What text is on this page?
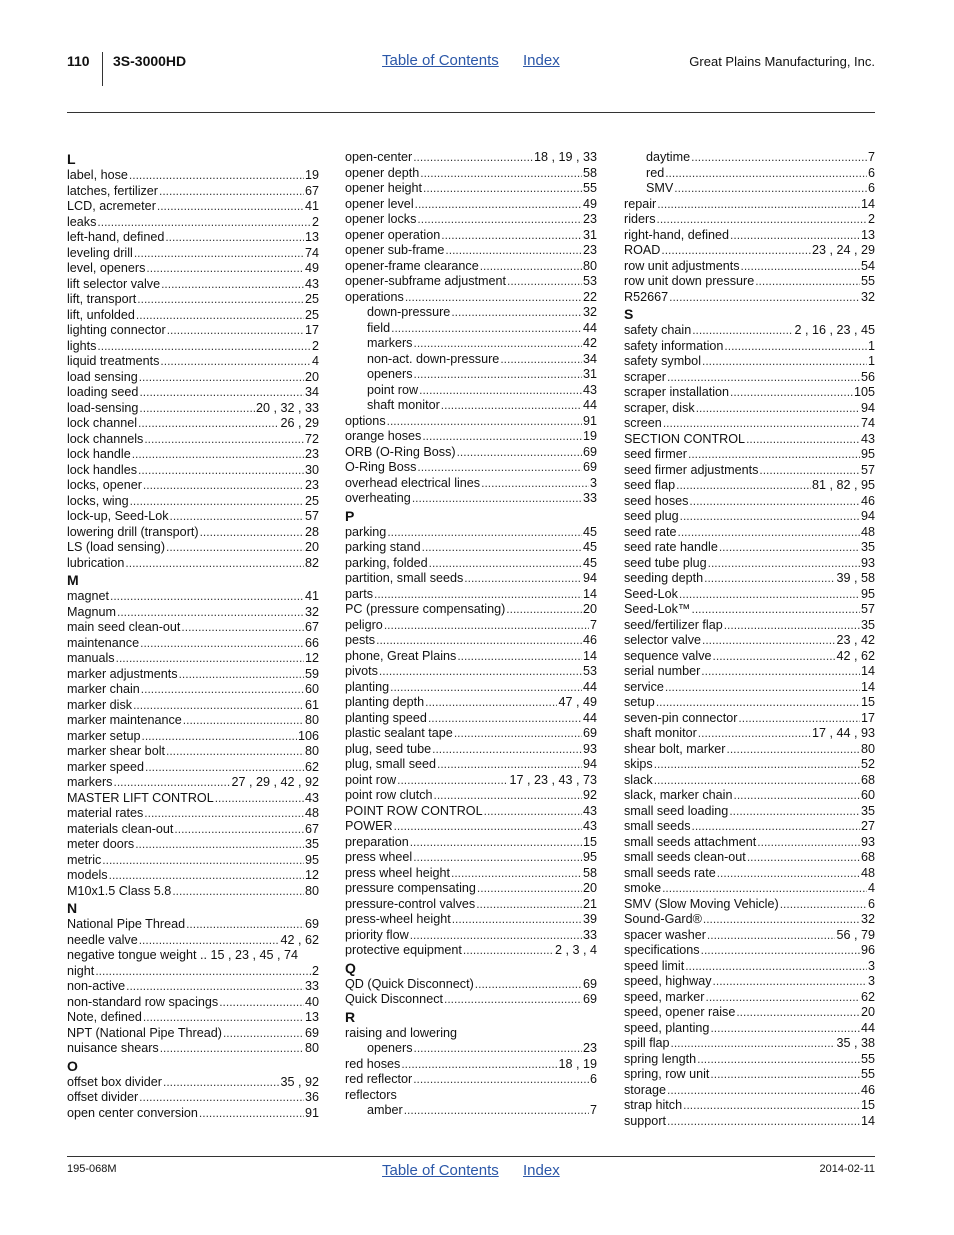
110 3S-3000HD	Table of Contents Index	Great Plains Manufacturing, Inc.
L
label, hose .....	19
latches, fertilizer .....	67
LCD, acremeter .....	41
leaks .....	2
left-hand, defined .....	13
leveling drill .....	74
level, openers .....	49
lift selector valve .....	43
lift, transport .....	25
lift, unfolded .....	25
lighting connector .....	17
lights .....	2
liquid treatments .....	4
load sensing .....	20
loading seed .....	34
load-sensing .....	20 , 32 , 33
lock channel .....	26 , 29
lock channels .....	72
lock handle .....	23
lock handles .....	30
locks, opener .....	23
locks, wing .....	25
lock-up, Seed-Lok .....	57
lowering drill (transport) .....	28
LS (load sensing) .....	20
lubrication .....	82
M
magnet .....	41
Magnum .....	32
main seed clean-out .....	67
maintenance .....	66
manuals .....	12
marker adjustments .....	59
marker chain .....	60
marker disk .....	61
marker maintenance .....	80
marker setup .....	106
marker shear bolt .....	80
marker speed .....	62
markers .....	27 , 29 , 42 , 92
MASTER LIFT CONTROL .....	43
material rates .....	48
materials clean-out .....	67
meter doors .....	35
metric .....	95
models .....	12
M10x1.5 Class 5.8 .....	80
N
National Pipe Thread .....	69
needle valve .....	42 , 62
negative tongue weight .. 15 , 23 , 45 , 74
night .....	2
non-active .....	33
non-standard row spacings .....	40
Note, defined .....	13
NPT (National Pipe Thread) .....	69
nuisance shears .....	80
O
offset box divider .....	35 , 92
offset divider .....	36
open center conversion .....	91
open-center .....	18 , 19 , 33
opener depth .....	58
opener height .....	55
opener level .....	49
opener locks .....	23
opener operation .....	31
opener sub-frame .....	23
opener-frame clearance .....	80
opener-subframe adjustment .....	53
operations .....	22
down-pressure .....	32
field .....	44
markers .....	42
non-act. down-pressure .....	34
openers .....	31
point row .....	43
shaft monitor .....	44
options .....	91
orange hoses .....	19
ORB (O-Ring Boss) .....	69
O-Ring Boss .....	69
overhead electrical lines .....	3
overheating .....	33
P
parking .....	45
parking stand .....	45
parking, folded .....	45
partition, small seeds .....	94
parts .....	14
PC (pressure compensating) .....	20
peligro .....	7
pests .....	46
phone, Great Plains .....	14
pivots .....	53
planting .....	44
planting depth .....	47 , 49
planting speed .....	44
plastic sealant tape .....	69
plug, seed tube .....	93
plug, small seed .....	94
point row .....	17 , 23 , 43 , 73
point row clutch .....	92
POINT ROW CONTROL .....	43
POWER .....	43
preparation .....	15
press wheel .....	95
press wheel height .....	58
pressure compensating .....	20
pressure-control valves .....	21
press-wheel height .....	39
priority flow .....	33
protective equipment .....	2 , 3 , 4
Q
QD (Quick Disconnect) .....	69
Quick Disconnect .....	69
R
raising and lowering
openers .....	23
red hoses .....	18 , 19
red reflector .....	6
reflectors
amber .....	7
daytime .....	7
red .....	6
SMV .....	6
repair .....	14
riders .....	2
right-hand, defined .....	13
ROAD .....	23 , 24 , 29
row unit adjustments .....	54
row unit down pressure .....	55
R52667 .....	32
S
safety chain .....	2 , 16 , 23 , 45
safety information .....	1
safety symbol .....	1
scraper .....	56
scraper installation .....	105
scraper, disk .....	94
screen .....	74
SECTION CONTROL .....	43
seed firmer .....	95
seed firmer adjustments .....	57
seed flap .....	81 , 82 , 95
seed hoses .....	46
seed plug .....	94
seed rate .....	48
seed rate handle .....	35
seed tube plug .....	93
seeding depth .....	39 , 58
Seed-Lok .....	95
Seed-Lok™ .....	57
seed/fertilizer flap .....	35
selector valve .....	23 , 42
sequence valve .....	42 , 62
serial number .....	14
service .....	14
setup .....	15
seven-pin connector .....	17
shaft monitor .....	17 , 44 , 93
shear bolt, marker .....	80
skips .....	52
slack .....	68
slack, marker chain .....	60
small seed loading .....	35
small seeds .....	27
small seeds attachment .....	93
small seeds clean-out .....	68
small seeds rate .....	48
smoke .....	4
SMV (Slow Moving Vehicle) .....	6
Sound-Gard® .....	32
spacer washer .....	56 , 79
specifications .....	96
speed limit .....	3
speed, highway .....	3
speed, marker .....	62
speed, opener raise .....	20
speed, planting .....	44
spill flap .....	35 , 38
spring length .....	55
spring, row unit .....	55
storage .....	46
strap hitch .....	15
support .....	14
195-068M	Table of Contents Index	2014-02-11
